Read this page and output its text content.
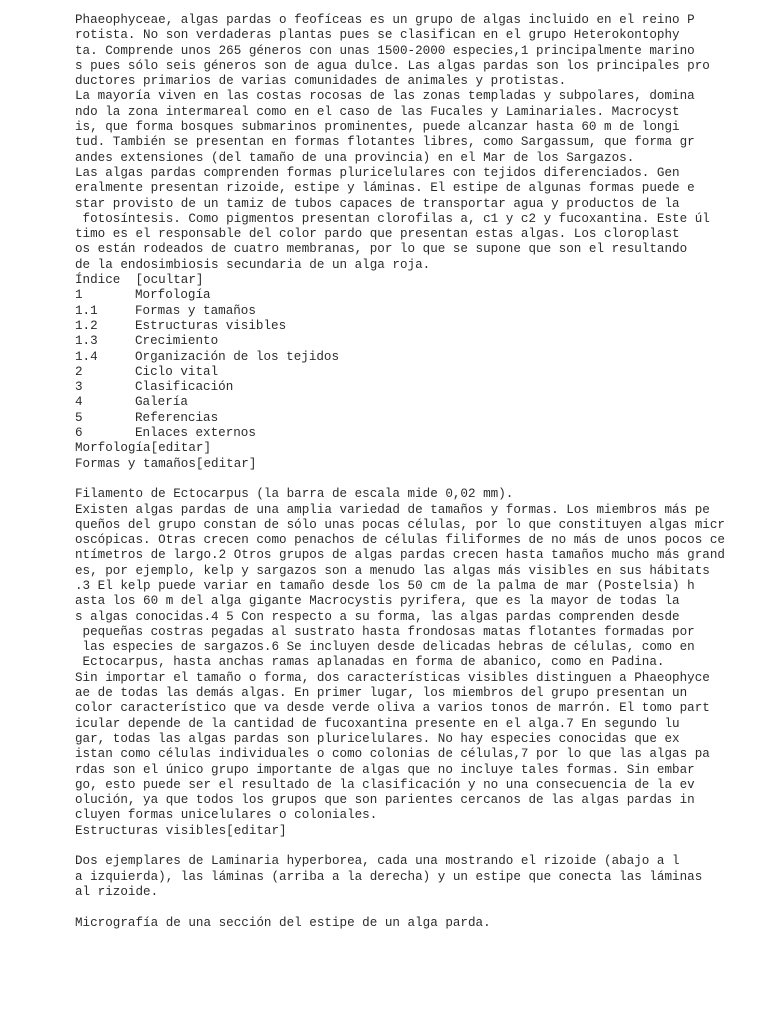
Phaeophyceae, algas pardas o feofíceas es un grupo de algas incluido en el reino P
rotista. No son verdaderas plantas pues se clasifican en el grupo Heterokontophy
ta. Comprende unos 265 géneros con unas 1500-2000 especies,1 principalmente marino
s pues sólo seis géneros son de agua dulce. Las algas pardas son los principales pro
ductores primarios de varias comunidades de animales y protistas.
La mayoría viven en las costas rocosas de las zonas templadas y subpolares, domina
ndo la zona intermareal como en el caso de las Fucales y Laminariales. Macrocyst
is, que forma bosques submarinos prominentes, puede alcanzar hasta 60 m de longi
tud. También se presentan en formas flotantes libres, como Sargassum, que forma gr
andes extensiones (del tamaño de una provincia) en el Mar de los Sargazos.
Las algas pardas comprenden formas pluricelulares con tejidos diferenciados. Gen
eralmente presentan rizoide, estipe y láminas. El estipe de algunas formas puede e
star provisto de un tamiz de tubos capaces de transportar agua y productos de la
fotosíntesis. Como pigmentos presentan clorofilas a, c1 y c2 y fucoxantina. Este úl
timo es el responsable del color pardo que presentan estas algas. Los cloroplast
os están rodeados de cuatro membranas, por lo que se supone que son el resultando
de la endosimbiosis secundaria de un alga roja.
Índice  [ocultar]
1	Morfología
1.1	Formas y tamaños
1.2	Estructuras visibles
1.3	Crecimiento
1.4	Organización de los tejidos
2	Ciclo vital
3	Clasificación
4	Galería
5	Referencias
6	Enlaces externos
Morfología[editar]
Formas y tamaños[editar]
Filamento de Ectocarpus (la barra de escala mide 0,02 mm).
Existen algas pardas de una amplia variedad de tamaños y formas. Los miembros más pe
queños del grupo constan de sólo unas pocas células, por lo que constituyen algas micr
oscópicas. Otras crecen como penachos de células filiformes de no más de unos pocos ce
ntímetros de largo.2 Otros grupos de algas pardas crecen hasta tamaños mucho más grand
es, por ejemplo, kelp y sargazos son a menudo las algas más visibles en sus hábitats
.3 El kelp puede variar en tamaño desde los 50 cm de la palma de mar (Postelsia) h
asta los 60 m del alga gigante Macrocystis pyrifera, que es la mayor de todas la
s algas conocidas.4 5 Con respecto a su forma, las algas pardas comprenden desde
pequeñas costras pegadas al sustrato hasta frondosas matas flotantes formadas por
las especies de sargazos.6 Se incluyen desde delicadas hebras de células, como en
Ectocarpus, hasta anchas ramas aplanadas en forma de abanico, como en Padina.
Sin importar el tamaño o forma, dos características visibles distinguen a Phaeophyce
ae de todas las demás algas. En primer lugar, los miembros del grupo presentan un
color característico que va desde verde oliva a varios tonos de marrón. El tomo part
icular depende de la cantidad de fucoxantina presente en el alga.7 En segundo lu
gar, todas las algas pardas son pluricelulares. No hay especies conocidas que ex
istan como células individuales o como colonias de células,7 por lo que las algas pa
rdas son el único grupo importante de algas que no incluye tales formas. Sin embar
go, esto puede ser el resultado de la clasificación y no una consecuencia de la ev
olución, ya que todos los grupos que son parientes cercanos de las algas pardas in
cluyen formas unicelulares o coloniales.
Estructuras visibles[editar]
Dos ejemplares de Laminaria hyperborea, cada una mostrando el rizoide (abajo a l
a izquierda), las láminas (arriba a la derecha) y un estipe que conecta las láminas
al rizoide.
Micrografía de una sección del estipe de un alga parda.
